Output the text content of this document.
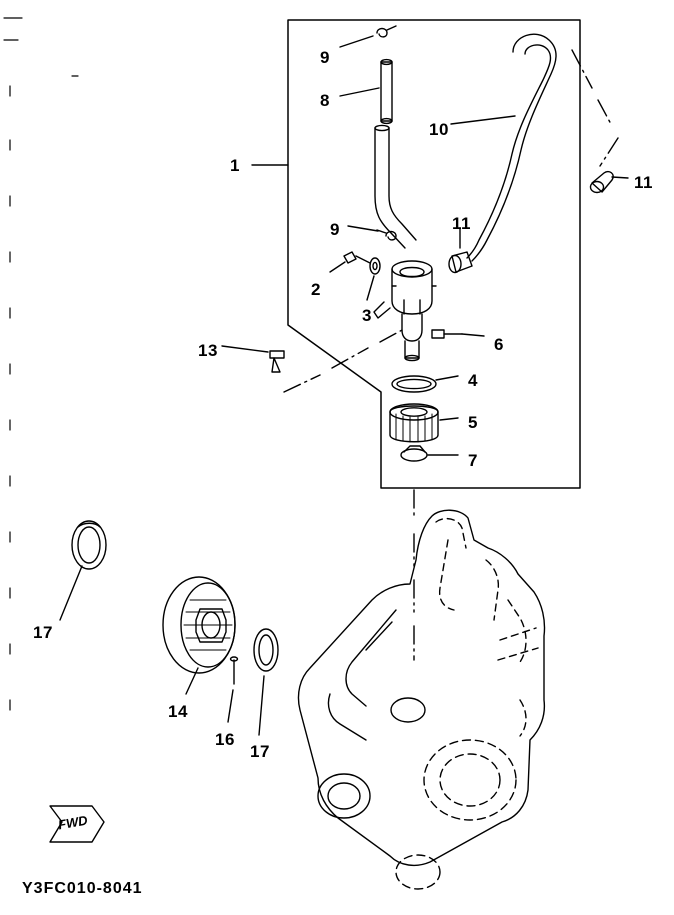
FWD
Y3FC010-8041
1
2
3
4
5
6
7
8
9
9
10
11
11
13
14
16
17
17
